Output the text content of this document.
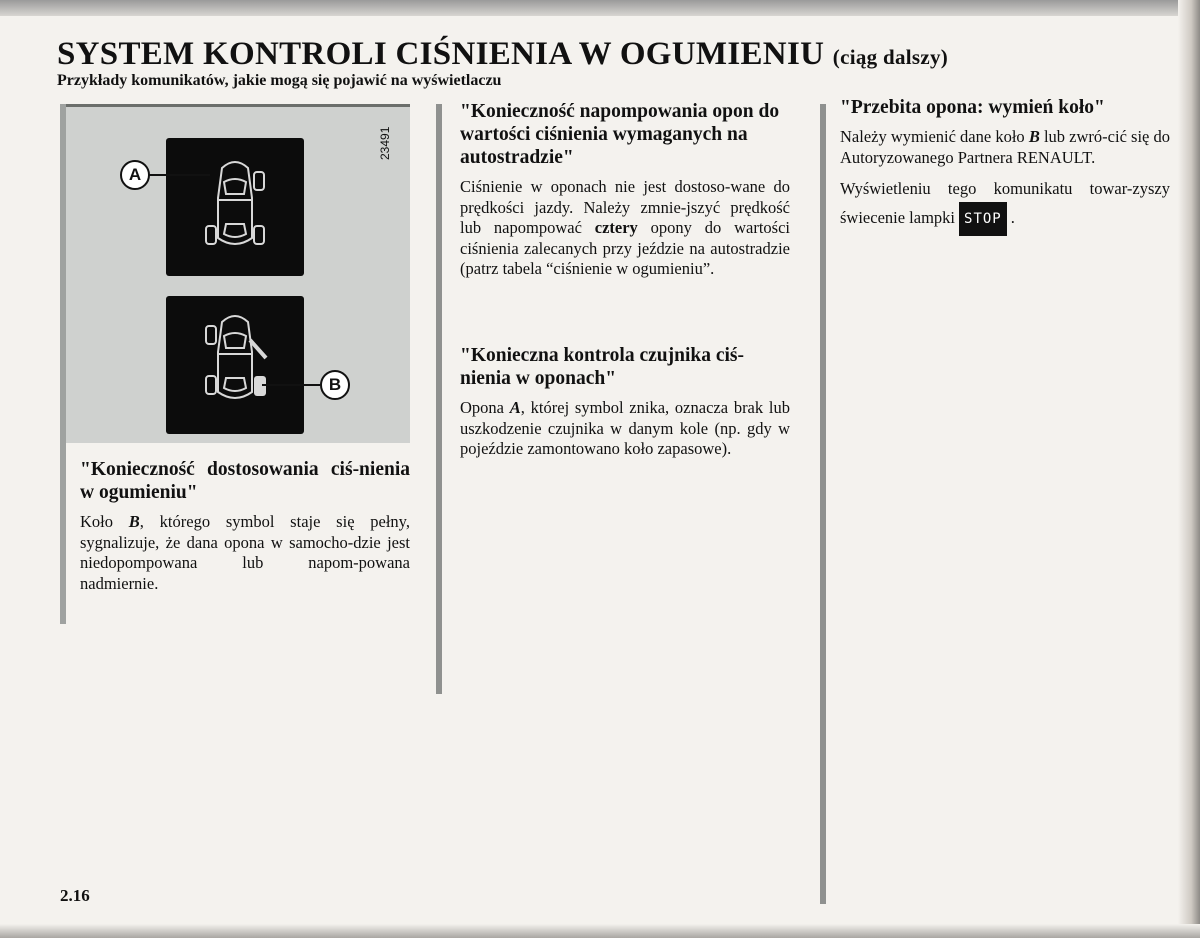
SYSTEM KONTROLI CIŚNIENIA W OGUMIENIU (ciąg dalszy)
Przykłady komunikatów, jakie mogą się pojawić na wyświetlaczu
23491
A
B
"Konieczność dostosowania ciś-nienia w ogumieniu"
Koło B, którego symbol staje się pełny, sygnalizuje, że dana opona w samocho-dzie jest niedopompowana lub napom-powana nadmiernie.
"Konieczność napompowania opon do wartości ciśnienia wymaganych na autostradzie"
Ciśnienie w oponach nie jest dostoso-wane do prędkości jazdy. Należy zmnie-jszyć prędkość lub napompować cztery opony do wartości ciśnienia zalecanych przy jeździe na autostradzie (patrz tabela “ciśnienie w ogumieniu”.
"Konieczna kontrola czujnika ciś-nienia w oponach"
Opona A, której symbol znika, oznacza brak lub uszkodzenie czujnika w danym kole (np. gdy w pojeździe zamontowano koło zapasowe).
"Przebita opona: wymień koło"
Należy wymienić dane koło B lub zwró-cić się do Autoryzowanego Partnera RENAULT.
Wyświetleniu tego komunikatu towar-zyszy świecenie lampki STOP .
2.16
